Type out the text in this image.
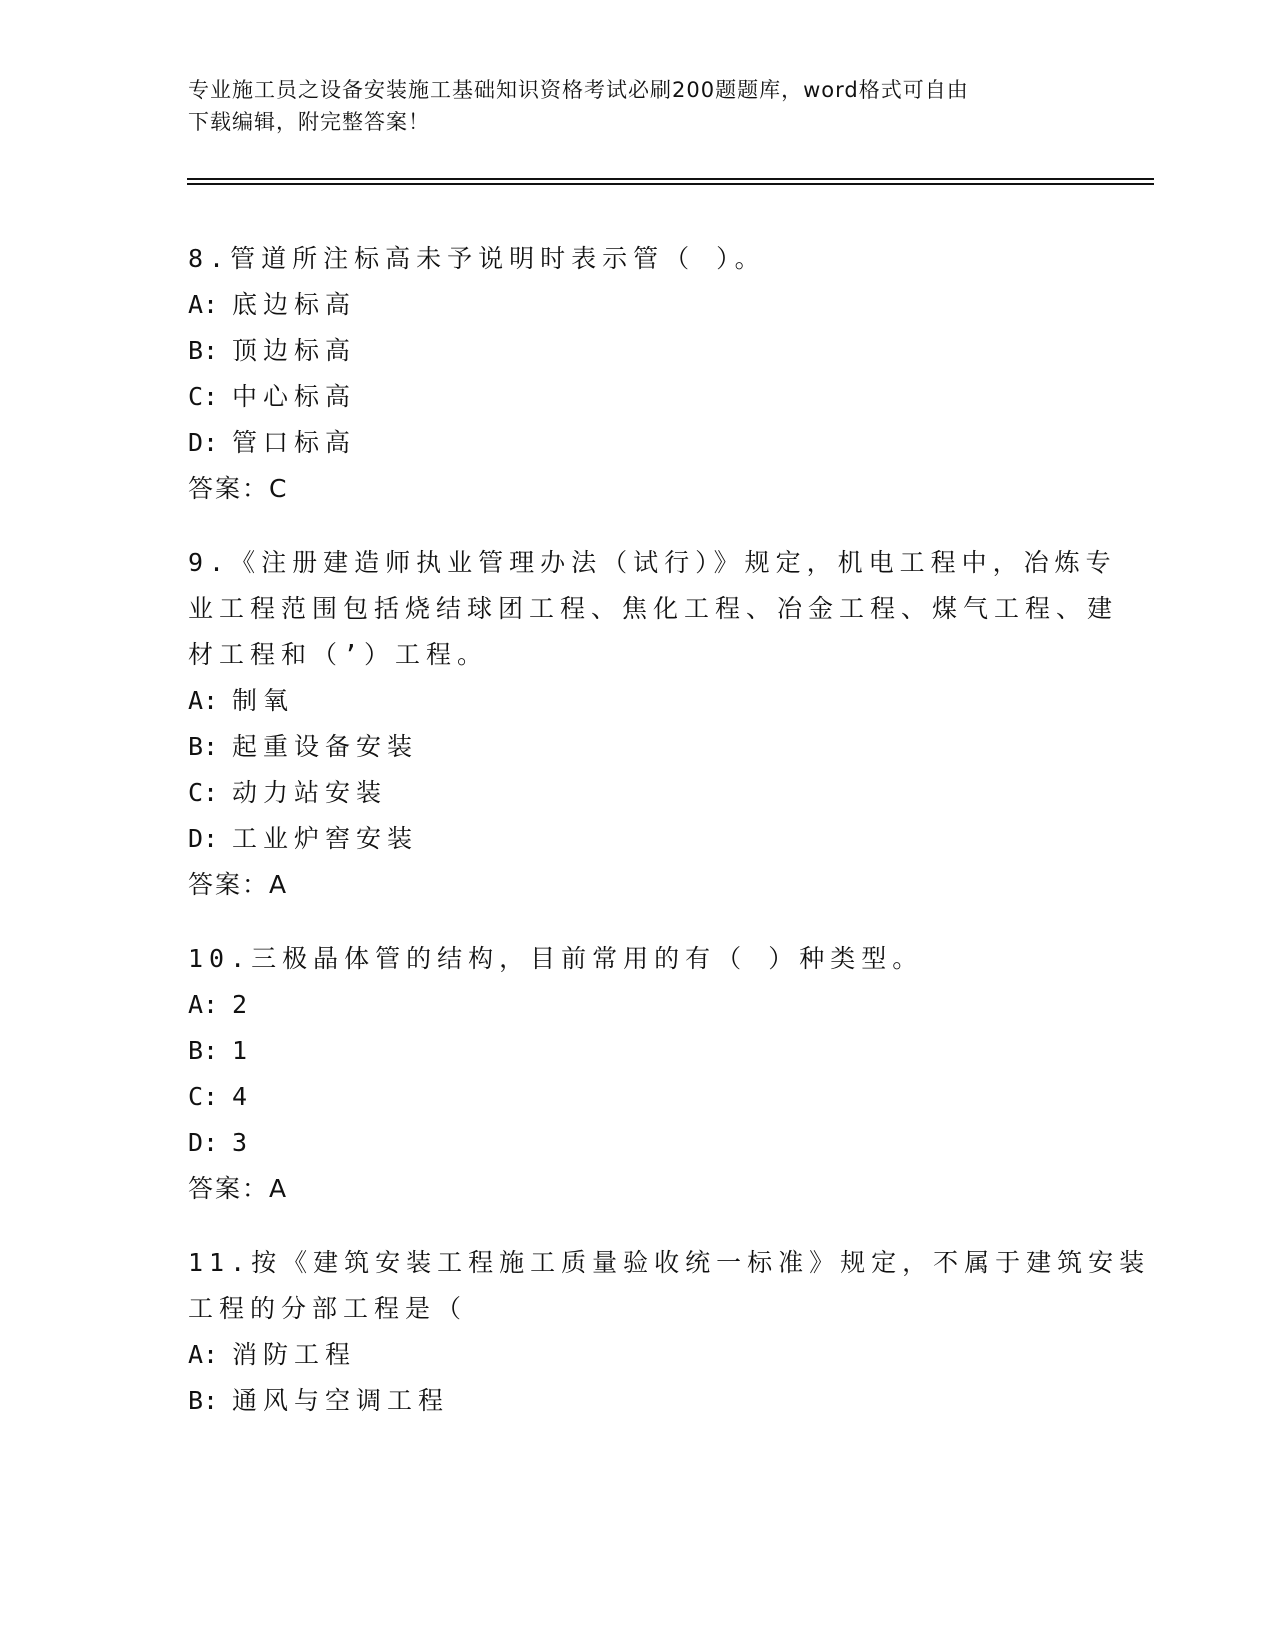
专业施工员之设备安装施工基础知识资格考试必刷200题题库，word格式可自由
下载编辑，附完整答案！
8.管道所注标高未予说明时表示管（ ）。
A: 底边标高
B: 顶边标高
C: 中心标高
D: 管口标高
答案：C
9.《注册建造师执业管理办法（试行）》规定，机电工程中，冶炼专
业工程范围包括烧结球团工程、焦化工程、冶金工程、煤气工程、建
材工程和（’）工程。
A: 制氧
B: 起重设备安装
C: 动力站安装
D: 工业炉窖安装
答案：A
10.三极晶体管的结构，目前常用的有（ ）种类型。
A: 2
B: 1
C: 4
D: 3
答案：A
11.按《建筑安装工程施工质量验收统一标准》规定，不属于建筑安装
工程的分部工程是（
A: 消防工程
B: 通风与空调工程
